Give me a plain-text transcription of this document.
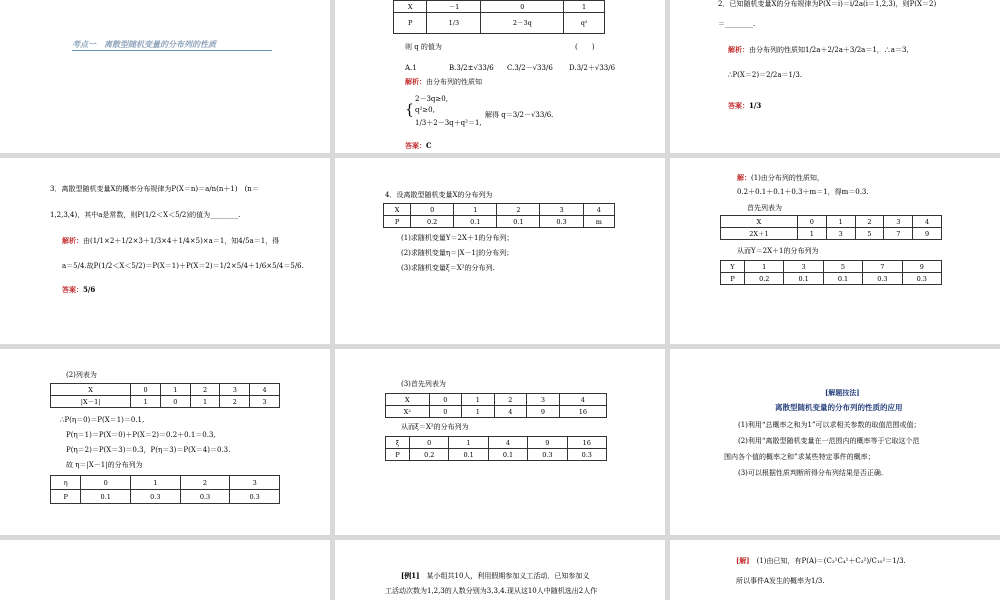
考点一　离散型随机变量的分布列的性质
X	－1	0	1
P	1/3	2－3q	q²
则 q 的值为	(　　)
A.1	B.3/2±√33/6 C.3/2－√33/6 D.3/2＋√33/6
解析：由分布列的性质知
{
2－3q≥0,
q²≥0,
1/3＋2－3q＋q²＝1,
解得 q＝3/2－√33/6.
答案：C
2．已知随机变量X的分布规律为P(X＝i)＝i/2a(i＝1,2,3)，则P(X＝2)
＝________.
解析：由分布列的性质知1/2a＋2/2a＋3/2a＝1，∴a＝3,
∴P(X＝2)＝2/2a＝1/3.
答案：1/3
3．离散型随机变量X的概率分布规律为P(X＝n)＝a/n(n＋1)　(n＝
1,2,3,4)，其中a是常数，则P(1/2＜X＜5/2)的值为________.
解析：由(1/1×2＋1/2×3＋1/3×4＋1/4×5)×a＝1，知4/5a＝1，得
a＝5/4.故P(1/2＜X＜5/2)＝P(X＝1)＋P(X＝2)＝1/2×5/4＋1/6×5/4＝5/6.
答案：5/6
4．设离散型随机变量X的分布列为
X	0	1	2	3	4
P	0.2	0.1	0.1	0.3	m
(1)求随机变量Y＝2X＋1的分布列；
(2)求随机变量η＝|X－1|的分布列；
(3)求随机变量ξ＝X²的分布列.
解：(1)由分布列的性质知，
0.2＋0.1＋0.1＋0.3＋m＝1，得m＝0.3.
首先列表为
X	0	1	2	3	4
2X＋1	1	3	5	7	9
从而Y＝2X＋1的分布列为
Y	1	3	5	7	9
P	0.2	0.1	0.1	0.3	0.3
(2)列表为
X	0	1	2	3	4
|X－1|	1	0	1	2	3
∴P(η＝0)＝P(X＝1)＝0.1,
P(η＝1)＝P(X＝0)＋P(X＝2)＝0.2＋0.1＝0.3,
P(η＝2)＝P(X＝3)＝0.3，P(η＝3)＝P(X＝4)＝0.3.
故 η＝|X－1|的分布列为
η	0	1	2	3
P	0.1	0.3	0.3	0.3
(3)首先列表为
X	0	1	2	3	4
X²	0	1	4	9	16
从而ξ＝X²的分布列为
ξ	0	1	4	9	16
P	0.2	0.1	0.1	0.3	0.3
[解题技法]
离散型随机变量的分布列的性质的应用
(1)利用“总概率之和为1”可以求相关参数的取值范围或值；
(2)利用“离散型随机变量在一范围内的概率等于它取这个范
围内各个值的概率之和”求某些特定事件的概率；
(3)可以根据性质判断所得分布列结果是否正确.
[例1]　 某小组共10人，利用假期参加义工活动．已知参加义
工活动次数为1,2,3的人数分别为3,3,4.现从这10人中随机选出2人作
[解]　 (1)由已知，有P(A)＝(C₃¹C₄¹＋C₃²)/C₁₀²＝1/3.
所以事件A发生的概率为1/3.
